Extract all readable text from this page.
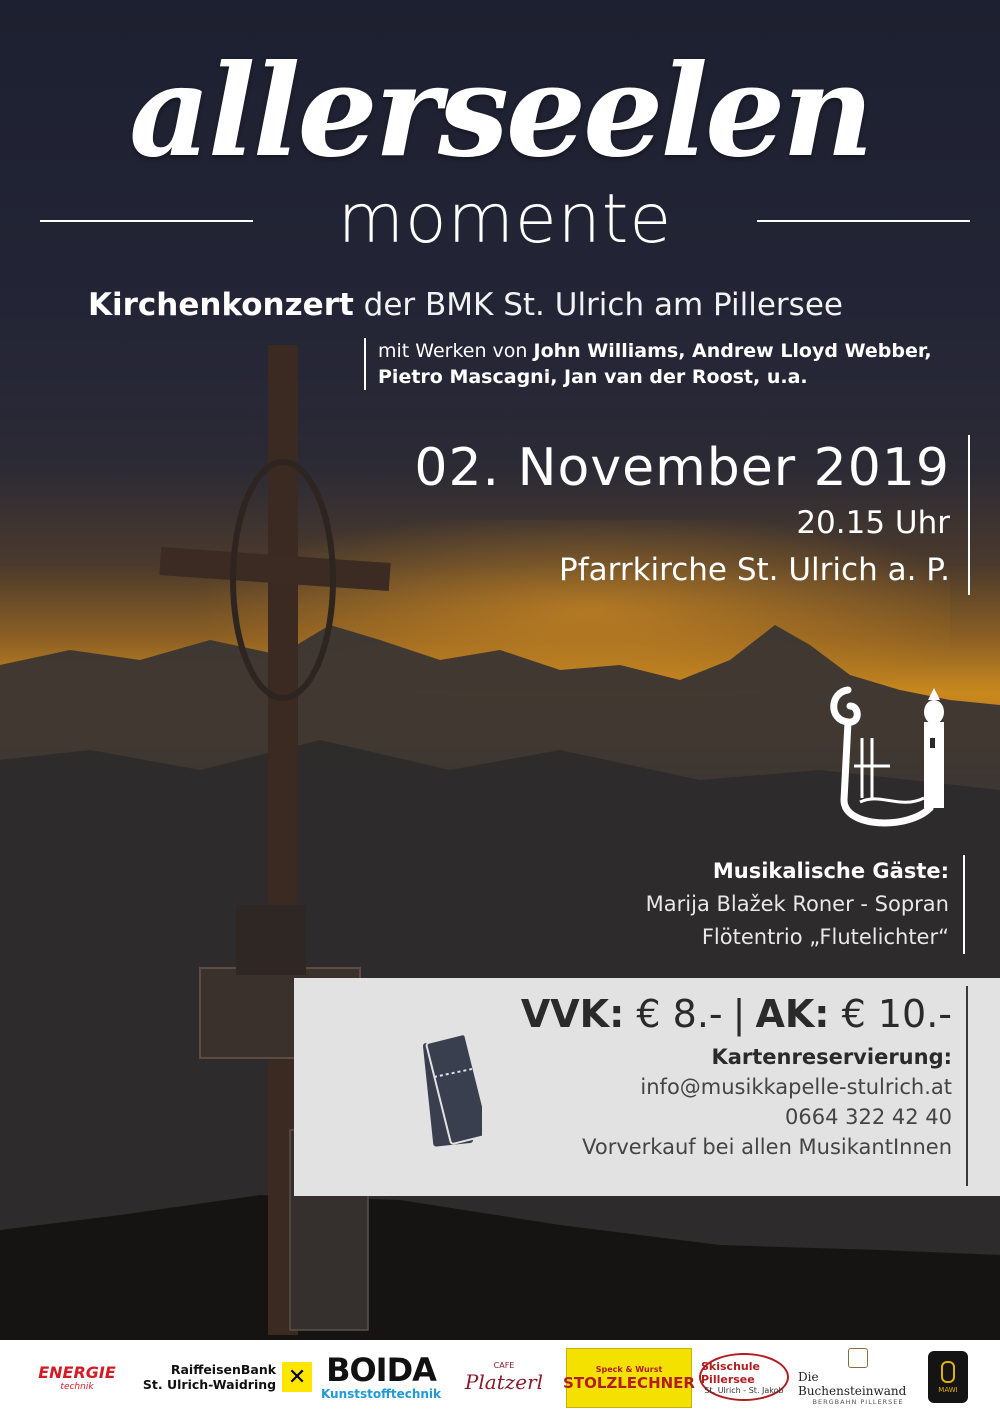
allerseelen
momente
Kirchenkonzert der BMK St. Ulrich am Pillersee
mit Werken von John Williams, Andrew Lloyd Webber,
Pietro Mascagni, Jan van der Roost, u.a.
02. November 2019
20.15 Uhr
Pfarrkirche St. Ulrich a. P.
Musikalische Gäste:
Marija Blažek Roner - Sopran
Flötentrio „Flutelichter“
VVK: € 8.- | AK: € 10.-
Kartenreservierung:
info@musikkapelle-stulrich.at
0664 322 42 40
Vorverkauf bei allen MusikantInnen
ENERGIE
technik
RaiffeisenBank
St. Ulrich-Waidring ✕ BOIDA
Kunststofftechnik
CAFE
Platzerl
Speck & Wurst
STOLZLECHNER
Skischule Pillersee
St. Ulrich - St. Jakob
Die Buchensteinwand
BERGBAHN PILLERSEE
MAWI
